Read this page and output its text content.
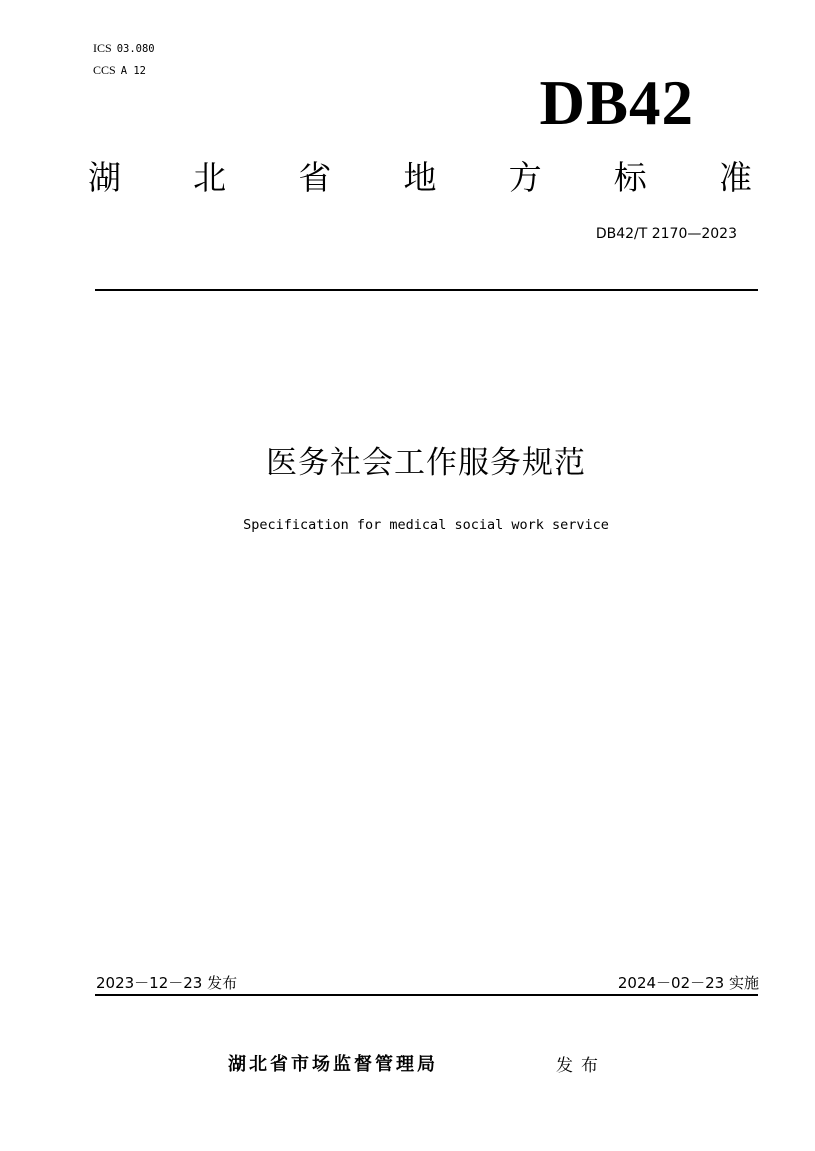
ICS 03.080
CCS A 12	DB42
湖 北 省 地 方 标 准
DB42/T 2170—2023
医务社会工作服务规范
Specification for medical social work service
2023－12－23 发布	2024－02－23 实施
湖北省市场监督管理局	发布
